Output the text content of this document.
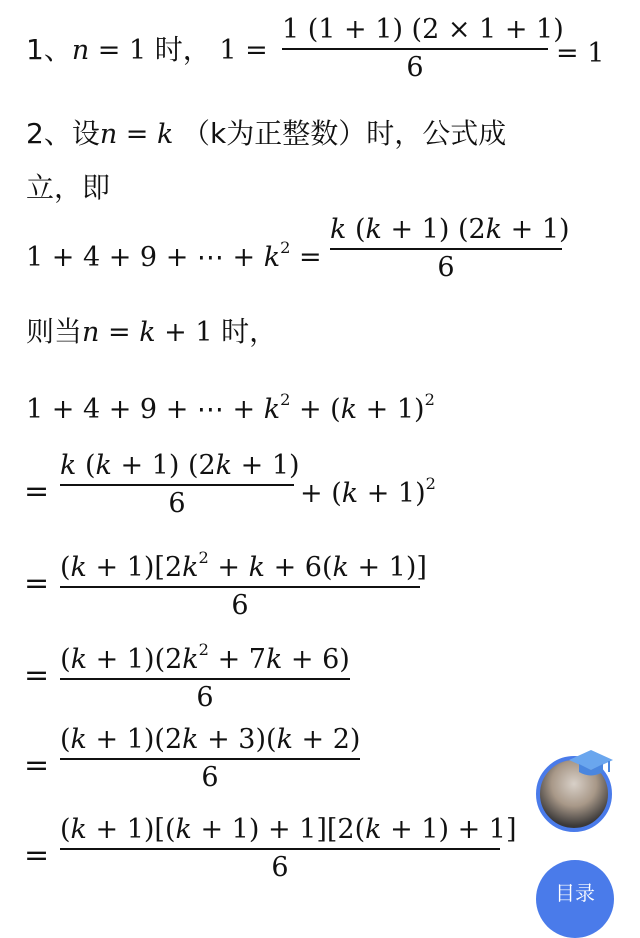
1、n = 1 时， 1 =
1 (1 + 1) (2 × 1 + 1)
6	= 1
2、设n = k （k为正整数）时，公式成
立，即
1 + 4 + 9 + ⋯ + $k^2$ =
k (k + 1) (2k + 1)
6
则当n = k + 1 时，
1 + 4 + 9 + ⋯ + $k^2 + (k + 1)^2$
=
k (k + 1) (2k + 1)
6	+ $(k + 1)^2$
= $(k + 1)[2k^2 + k + 6(k + 1)]$
6
= $(k + 1)(2k^2 + 7k + 6)$
6
=
(k + 1)(2k + 3)(k + 2)
6
=
(k + 1)[(k + 1) + 1][2(k + 1) + 1]
6
目录
